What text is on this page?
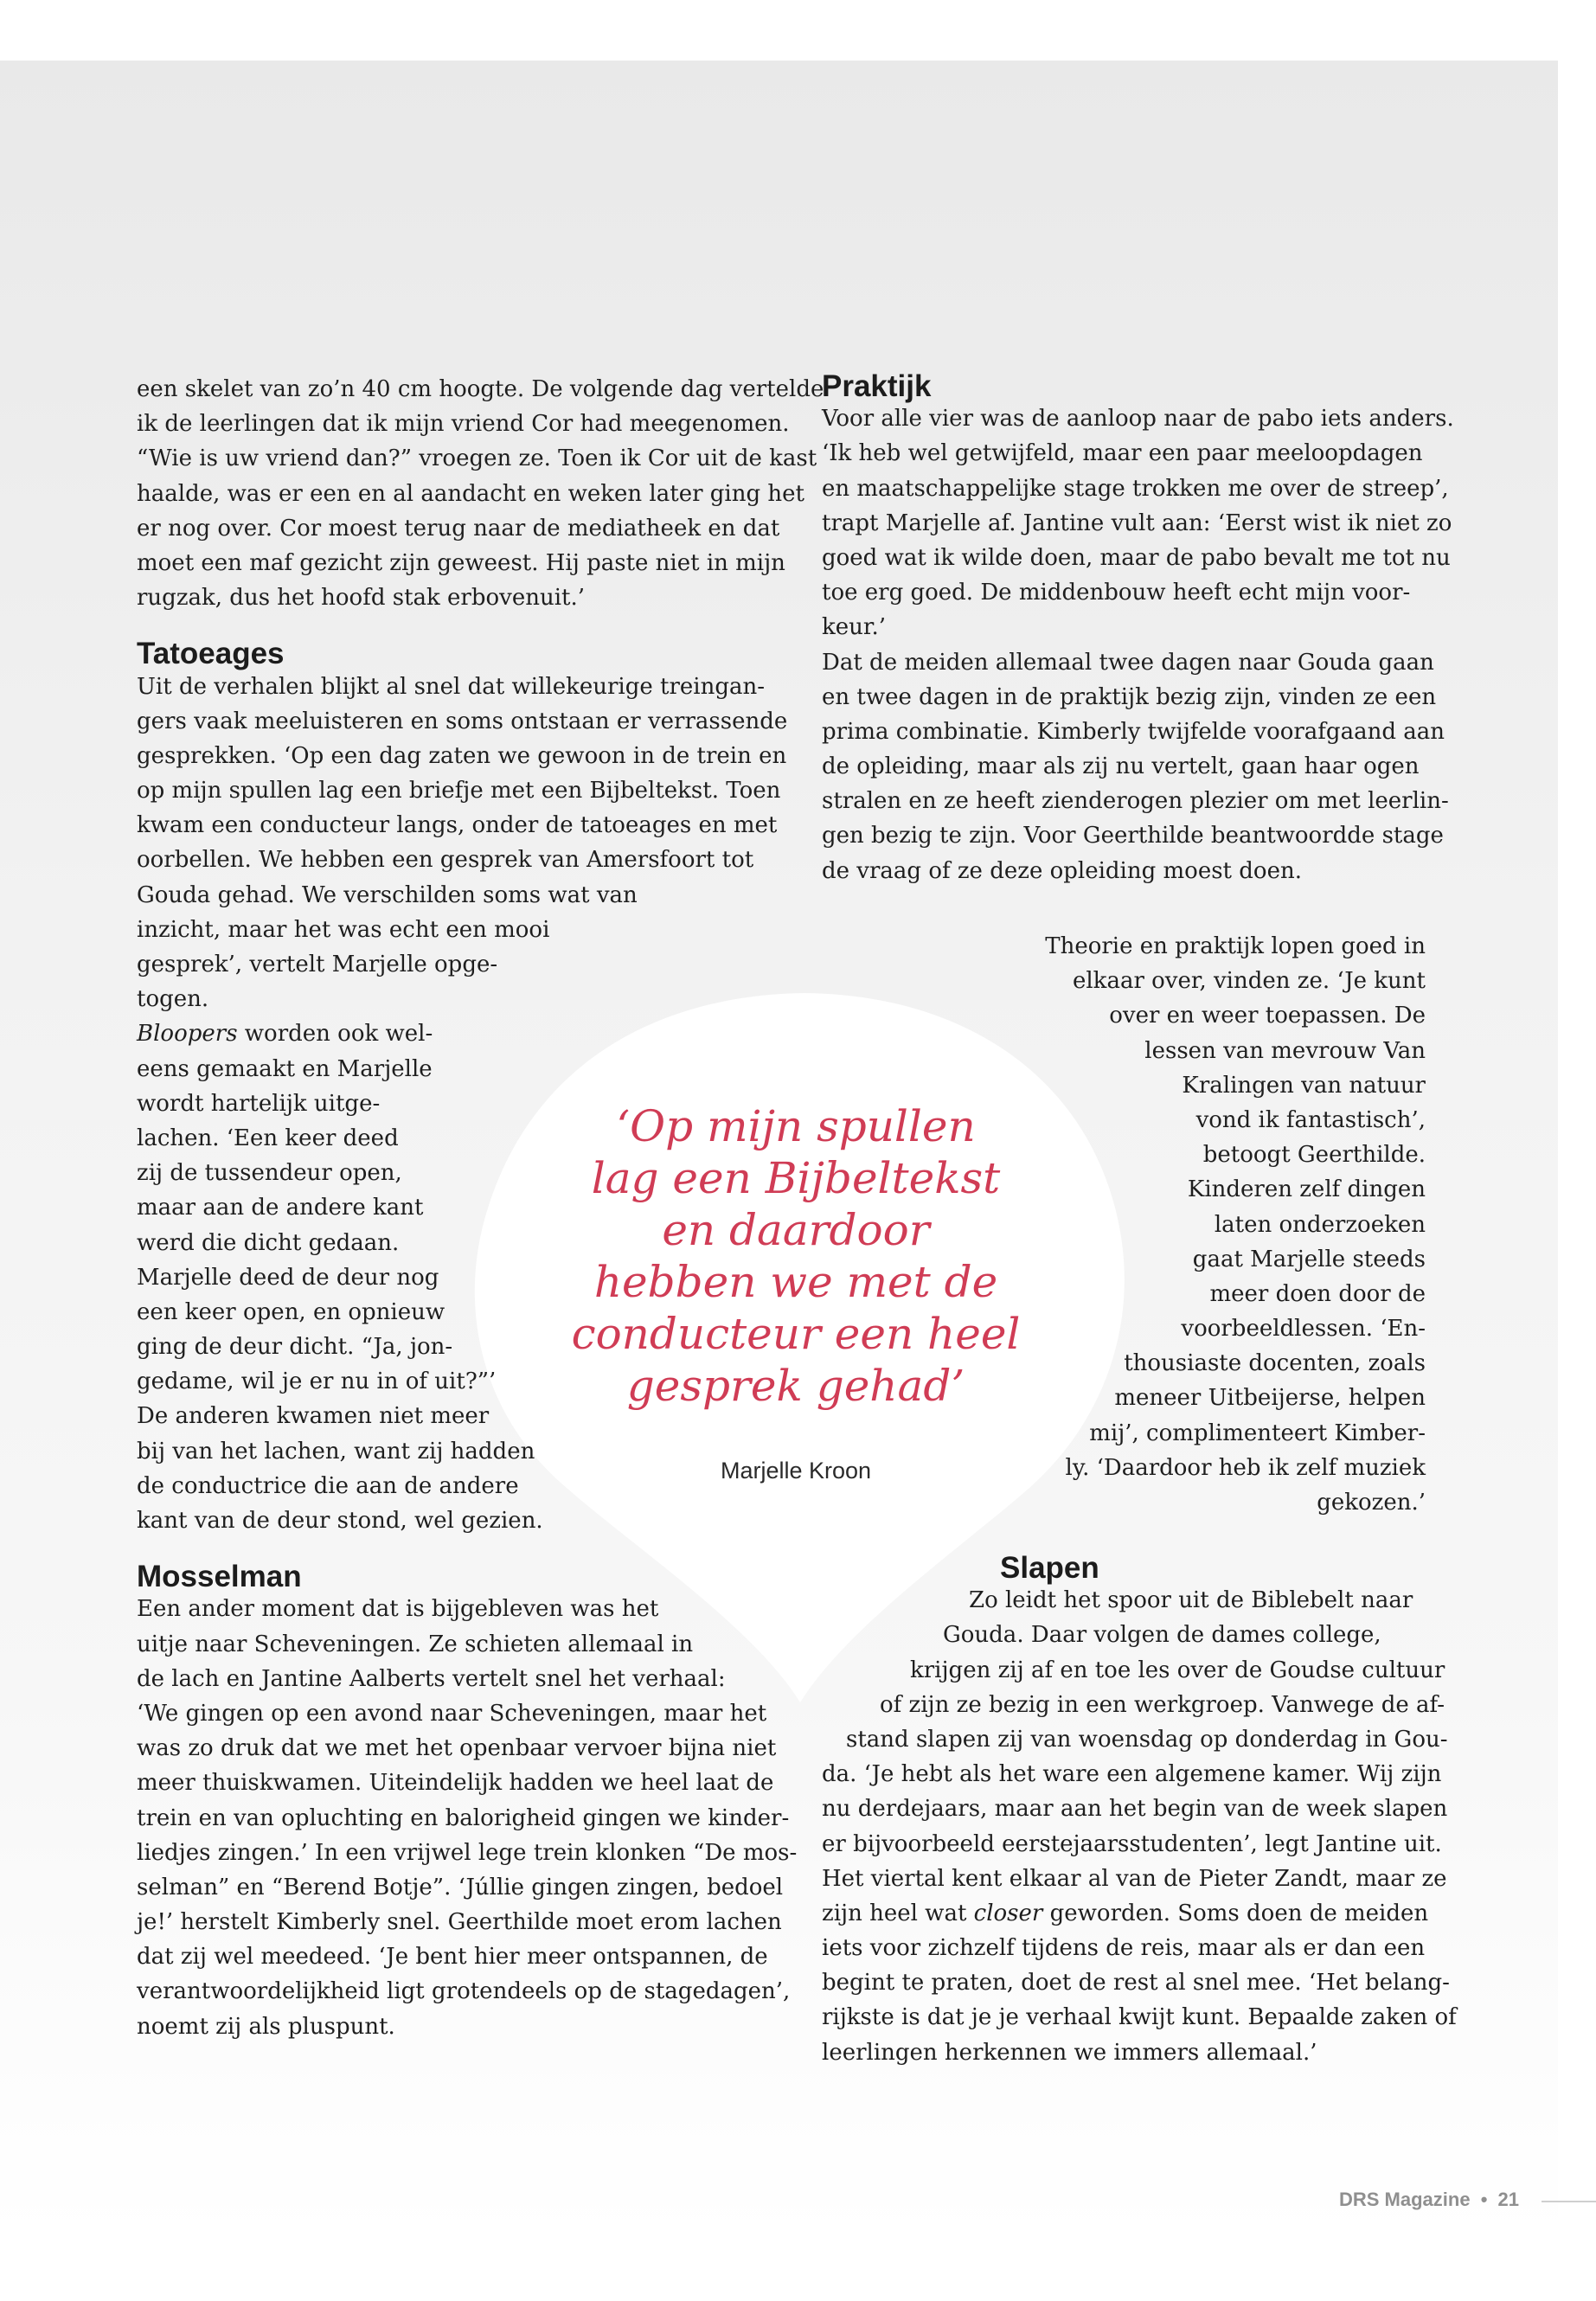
een skelet van zo’n 40 cm hoogte. De volgende dag vertelde
ik de leerlingen dat ik mijn vriend Cor had meegenomen.
“Wie is uw vriend dan?” vroegen ze. Toen ik Cor uit de kast
haalde, was er een en al aandacht en weken later ging het
er nog over. Cor moest terug naar de mediatheek en dat
moet een maf gezicht zijn geweest. Hij paste niet in mijn
rugzak, dus het hoofd stak erbovenuit.’
Tatoeages
Uit de verhalen blijkt al snel dat willekeurige treingan-
gers vaak meeluisteren en soms ontstaan er verrassende
gesprekken. ‘Op een dag zaten we gewoon in de trein en
op mijn spullen lag een briefje met een Bijbeltekst. Toen
kwam een conducteur langs, onder de tatoeages en met
oorbellen. We hebben een gesprek van Amersfoort tot
Gouda gehad. We verschilden soms wat van
inzicht, maar het was echt een mooi
gesprek’, vertelt Marjelle opge-
togen.
Bloopers worden ook wel-
eens gemaakt en Marjelle
wordt hartelijk uitge-
lachen. ‘Een keer deed
zij de tussendeur open,
maar aan de andere kant
werd die dicht gedaan.
Marjelle deed de deur nog
een keer open, en opnieuw
ging de deur dicht. “Ja, jon-
gedame, wil je er nu in of uit?”’
De anderen kwamen niet meer
bij van het lachen, want zij hadden
de conductrice die aan de andere
kant van de deur stond, wel gezien.
Mosselman
Een ander moment dat is bijgebleven was het
uitje naar Scheveningen. Ze schieten allemaal in
de lach en Jantine Aalberts vertelt snel het verhaal:
‘We gingen op een avond naar Scheveningen, maar het
was zo druk dat we met het openbaar vervoer bijna niet
meer thuiskwamen. Uiteindelijk hadden we heel laat de
trein en van opluchting en balorigheid gingen we kinder-
liedjes zingen.’ In een vrijwel lege trein klonken “De mos-
selman” en “Berend Botje”. ‘Júllie gingen zingen, bedoel
je!’ herstelt Kimberly snel. Geerthilde moet erom lachen
dat zij wel meedeed. ‘Je bent hier meer ontspannen, de
verantwoordelijkheid ligt grotendeels op de stagedagen’,
noemt zij als pluspunt.
Praktijk
Voor alle vier was de aanloop naar de pabo iets anders.
‘Ik heb wel getwijfeld, maar een paar meeloopdagen
en maatschappelijke stage trokken me over de streep’,
trapt Marjelle af. Jantine vult aan: ‘Eerst wist ik niet zo
goed wat ik wilde doen, maar de pabo bevalt me tot nu
toe erg goed. De middenbouw heeft echt mijn voor-
keur.’
Dat de meiden allemaal twee dagen naar Gouda gaan
en twee dagen in de praktijk bezig zijn, vinden ze een
prima combinatie. Kimberly twijfelde voorafgaand aan
de opleiding, maar als zij nu vertelt, gaan haar ogen
stralen en ze heeft zienderogen plezier om met leerlin-
gen bezig te zijn. Voor Geerthilde beantwoordde stage
de vraag of ze deze opleiding moest doen.
Theorie en praktijk lopen goed in
elkaar over, vinden ze. ‘Je kunt
over en weer toepassen. De
lessen van mevrouw Van
Kralingen van natuur
vond ik fantastisch’,
betoogt Geerthilde.
Kinderen zelf dingen
laten onderzoeken
gaat Marjelle steeds
meer doen door de
voorbeeldlessen. ‘En-
thousiaste docenten, zoals
meneer Uitbeijerse, helpen
mij’, complimenteert Kimber-
ly. ‘Daardoor heb ik zelf muziek
gekozen.’
Slapen
Zo leidt het spoor uit de Biblebelt naar
Gouda. Daar volgen de dames college,
krijgen zij af en toe les over de Goudse cultuur
of zijn ze bezig in een werkgroep. Vanwege de af-
stand slapen zij van woensdag op donderdag in Gou-
da. ‘Je hebt als het ware een algemene kamer. Wij zijn
nu derdejaars, maar aan het begin van de week slapen
er bijvoorbeeld eerstejaarsstudenten’, legt Jantine uit.
Het viertal kent elkaar al van de Pieter Zandt, maar ze
zijn heel wat closer geworden. Soms doen de meiden
iets voor zichzelf tijdens de reis, maar als er dan een
begint te praten, doet de rest al snel mee. ‘Het belang-
rijkste is dat je je verhaal kwijt kunt. Bepaalde zaken of
leerlingen herkennen we immers allemaal.’
‘Op mijn spullen
lag een Bijbeltekst
en daardoor
hebben we met de
conducteur een heel
gesprek gehad’
Marjelle Kroon
DRS Magazine • 21
